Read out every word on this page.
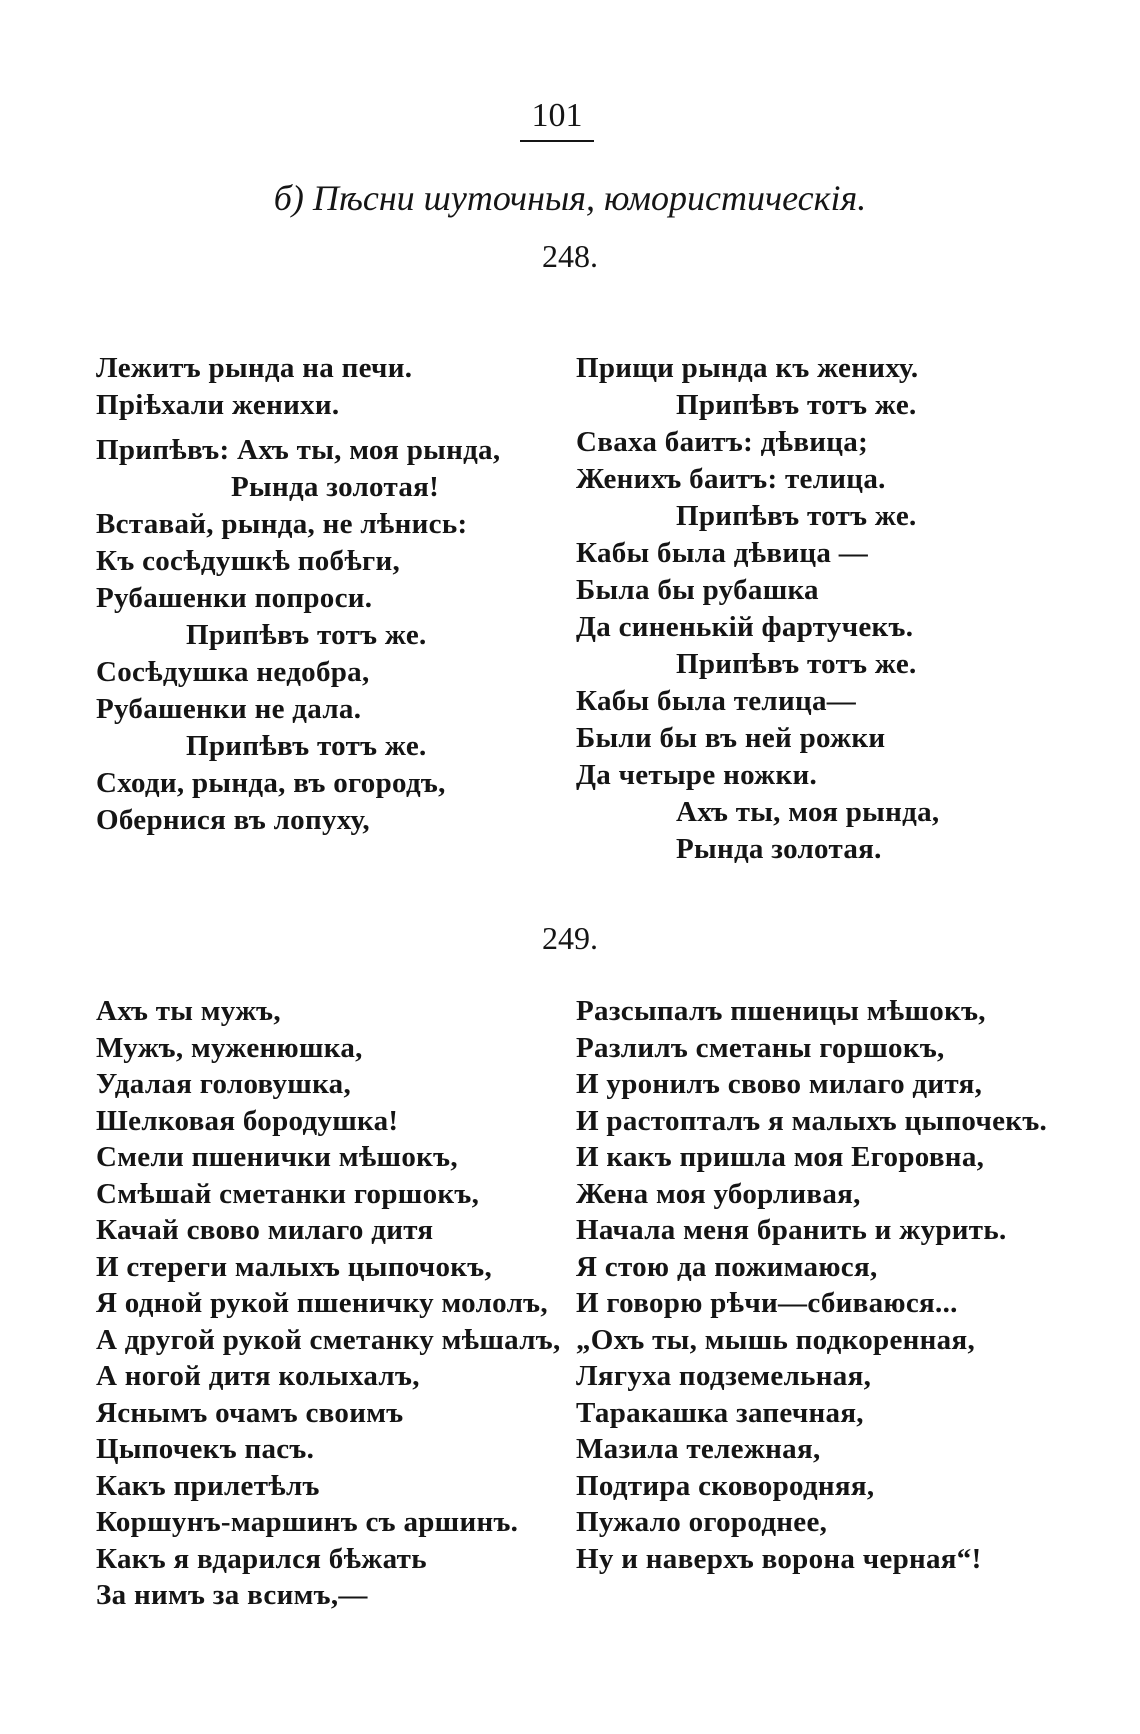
101
б) Пѣсни шуточныя, юмористическія.
248.
Лежитъ рында на печи.
Прiѣхали женихи.
Припѣвъ: Ахъ ты, моя рында,
Рында золотая!
Вставай, рында, не лѣнись:
Къ сосѣдушкѣ побѣги,
Рубашенки попроси.
Припѣвъ тотъ же.
Сосѣдушка недобра,
Рубашенки не дала.
Припѣвъ тотъ же.
Сходи, рында, въ огородъ,
Обернися въ лопуху,
Прищи рында къ жениху.
Припѣвъ тотъ же.
Сваха баитъ: дѣвица;
Женихъ баитъ: телица.
Припѣвъ тотъ же.
Кабы была дѣвица —
Была бы рубашка
Да синенькiй фартучекъ.
Припѣвъ тотъ же.
Кабы была телица—
Были бы въ ней рожки
Да четыре ножки.
Ахъ ты, моя рында,
Рында золотая.
249.
Ахъ ты мужъ,
Мужъ, муженюшка,
Удалая головушка,
Шелковая бородушка!
Смели пшенички мѣшокъ,
Смѣшай сметанки горшокъ,
Качай свово милаго дитя
И стереги малыхъ цыпочокъ,
Я одной рукой пшеничку мололъ,
А другой рукой сметанку мѣшалъ,
А ногой дитя колыхалъ,
Яснымъ очамъ своимъ
Цыпочекъ пасъ.
Какъ прилетѣлъ
Коршунъ-маршинъ съ аршинъ.
Какъ я вдарился бѣжать
За нимъ за всимъ,—
Разсыпалъ пшеницы мѣшокъ,
Разлилъ сметаны горшокъ,
И уронилъ свово милаго дитя,
И растопталъ я малыхъ цыпочекъ.
И какъ пришла моя Егоровна,
Жена моя уборливая,
Начала меня бранить и журить.
Я стою да пожимаюся,
И говорю рѣчи—сбиваюся...
„Охъ ты, мышь подкоренная,
Лягуха подземельная,
Таракашка запечная,
Мазила тележная,
Подтира сковородняя,
Пужало огороднее,
Ну и наверхъ ворона черная“!
